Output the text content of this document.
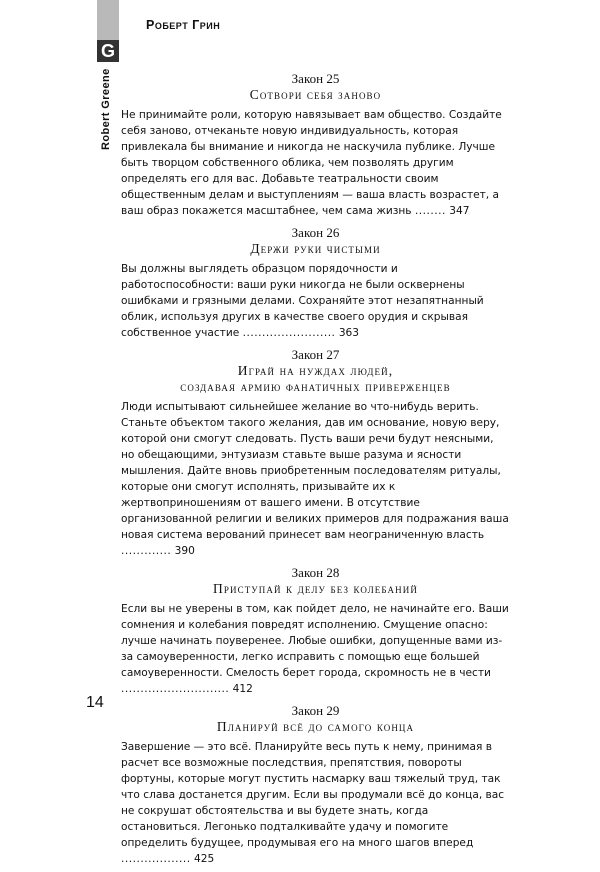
G
Роберт Грин
Robert Greene	Закон 25

Сотвори себя заново

Не принимайте роли, которую навязывает вам общество. Создайте себя заново, отчеканьте новую индивидуальность, которая привлекала бы внимание и никогда не наскучила публике. Лучше быть творцом собственного облика, чем позволять другим определять его для вас. Добавьте театральности своим общественным делам и выступлениям — ваша власть возрастет, а ваш образ покажется масштабнее, чем сама жизнь ........ 347

Закон 26

Держи руки чистыми

Вы должны выглядеть образцом порядочности и работоспособности: ваши руки никогда не были осквернены ошибками и грязными делами. Сохраняйте этот незапятнанный облик, используя других в качестве своего орудия и скрывая собственное участие ........................ 363

Закон 27

Играй на нуждах людей,
создавая армию фанатичных приверженцев

Люди испытывают сильнейшее желание во что-нибудь верить. Станьте объектом такого желания, дав им основание, новую веру, которой они смогут следовать. Пусть ваши речи будут неясными, но обещающими, энтузиазм ставьте выше разума и ясности мышления. Дайте вновь приобретенным последователям ритуалы, которые они смогут исполнять, призывайте их к жертвоприношениям от вашего имени. В отсутствие организованной религии и великих примеров для подражания ваша новая система верований принесет вам неограниченную власть ............. 390

Закон 28

Приступай к делу без колебаний

Если вы не уверены в том, как пойдет дело, не начинайте его. Ваши сомнения и колебания повредят исполнению. Смущение опасно: лучше начинать поуверенее. Любые ошибки, допущенные вами из-за самоуверенности, легко исправить с помощью еще большей самоуверенности. Смелость берет города, скромность не в чести ............................ 412

Закон 29

Планируй всё до самого конца

Завершение — это всё. Планируйте весь путь к нему, принимая в расчет все возможные последствия, препятствия, повороты фортуны, которые могут пустить насмарку ваш тяжелый труд, так что слава достанется другим. Если вы продумали всё до конца, вас не сокрушат обстоятельства и вы будете знать, когда остановиться. Легонько подталкивайте удачу и помогите определить будущее, продумывая его на много шагов вперед .................. 425

14
